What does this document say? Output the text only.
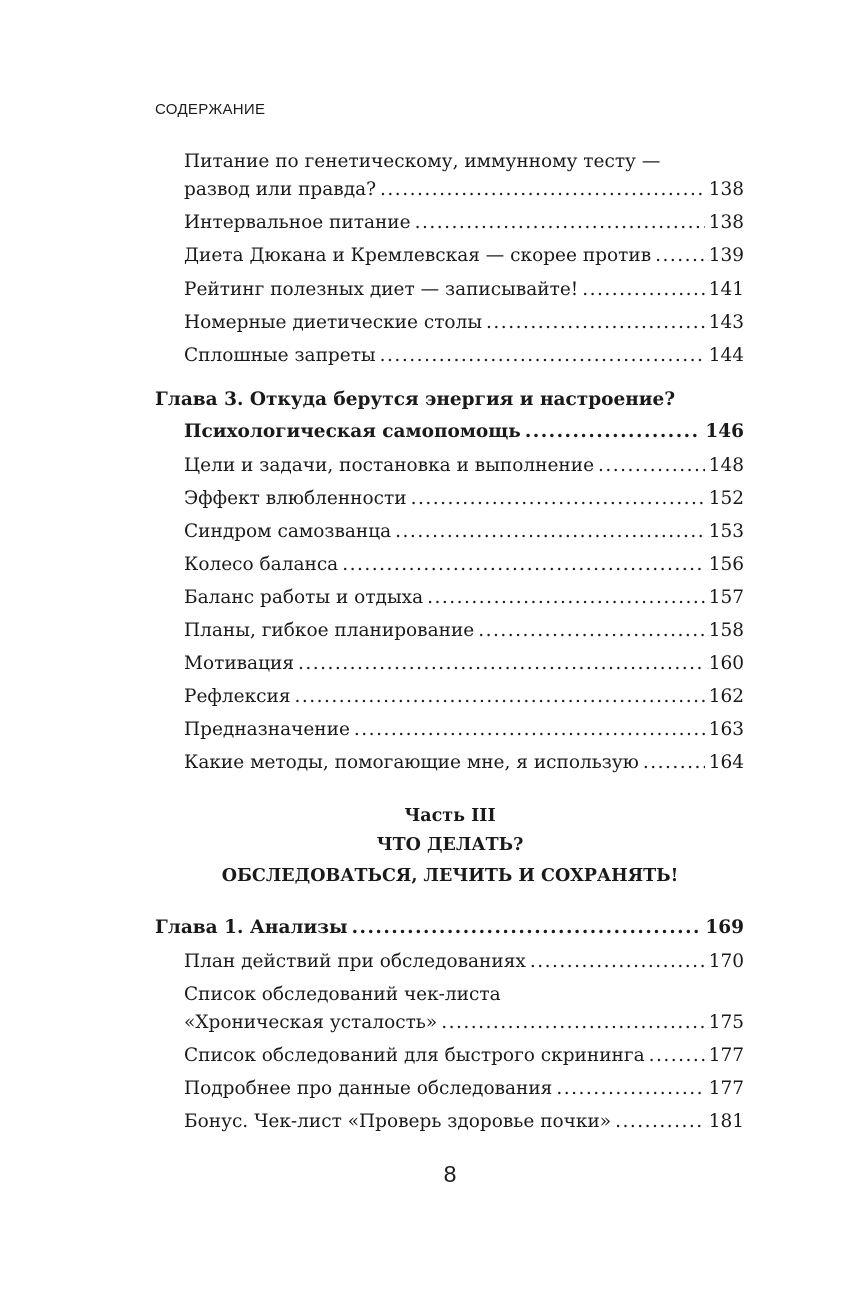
СОДЕРЖАНИЕ
Питание по генетическому, иммунному тесту —
развод или правда? .....	138
Интервальное питание .....	138
Диета Дюкана и Кремлевская — скорее против .....	139
Рейтинг полезных диет — записывайте! .....	141
Номерные диетические столы .....	143
Сплошные запреты .....	144
Глава 3. Откуда берутся энергия и настроение?
Психологическая самопомощь .....	146
Цели и задачи, постановка и выполнение .....	148
Эффект влюбленности .....	152
Синдром самозванца .....	153
Колесо баланса .....	156
Баланс работы и отдыха .....	157
Планы, гибкое планирование .....	158
Мотивация .....	160
Рефлексия .....	162
Предназначение .....	163
Какие методы, помогающие мне, я использую .....	164
Часть III
ЧТО ДЕЛАТЬ?
ОБСЛЕДОВАТЬСЯ, ЛЕЧИТЬ И СОХРАНЯТЬ!
Глава 1. Анализы .....	169
План действий при обследованиях .....	170
Список обследований чек-листа
«Хроническая усталость» .....	175
Список обследований для быстрого скрининга .....	177
Подробнее про данные обследования .....	177
Бонус. Чек-лист «Проверь здоровье почки» .....	181
8
